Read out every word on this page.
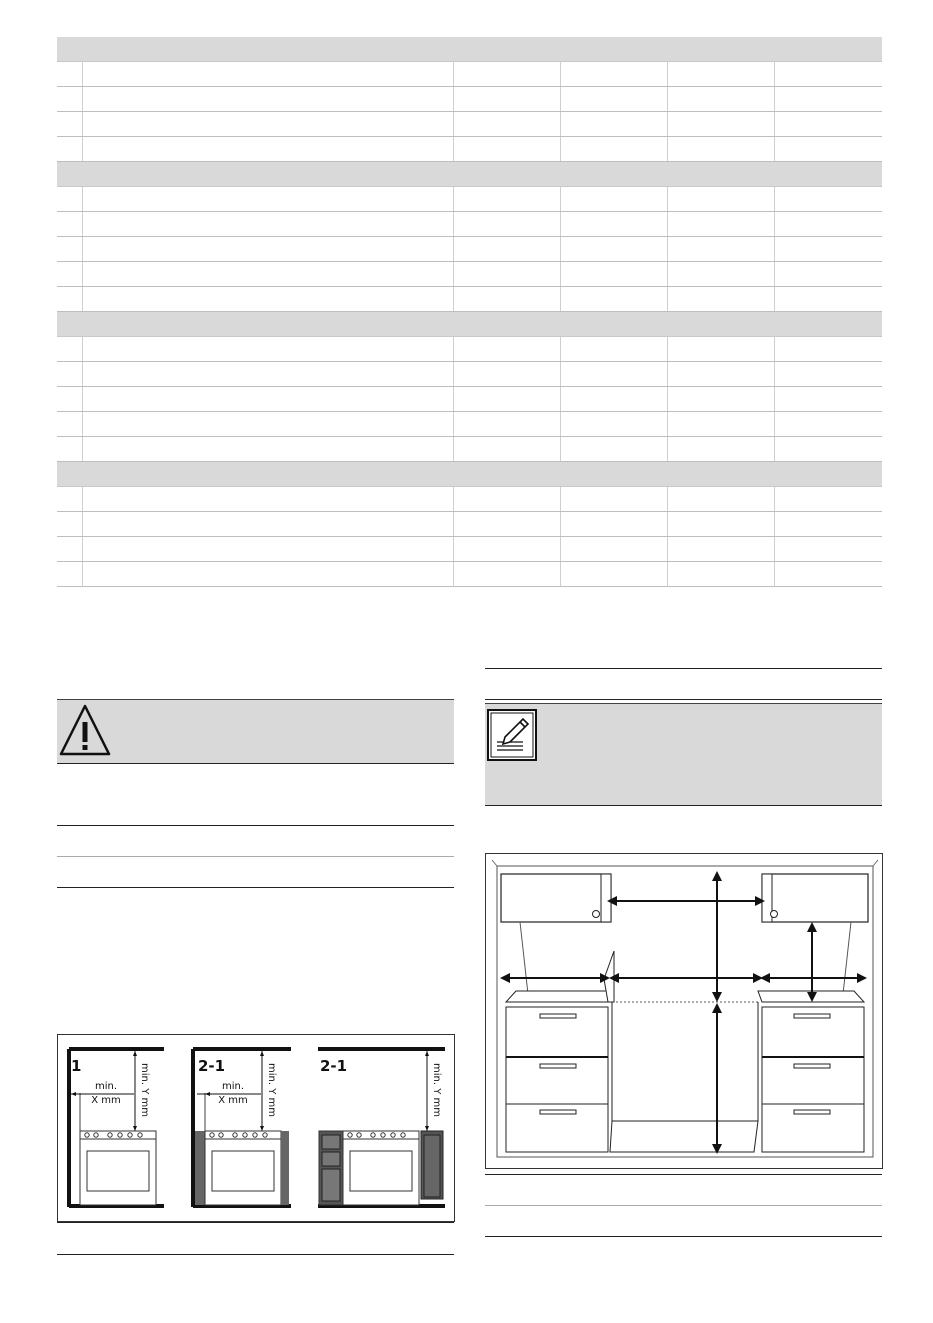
1
min.
X mm min. Y mm	2-1
min.
X mm min. Y mm	2-1	min. Y mm
